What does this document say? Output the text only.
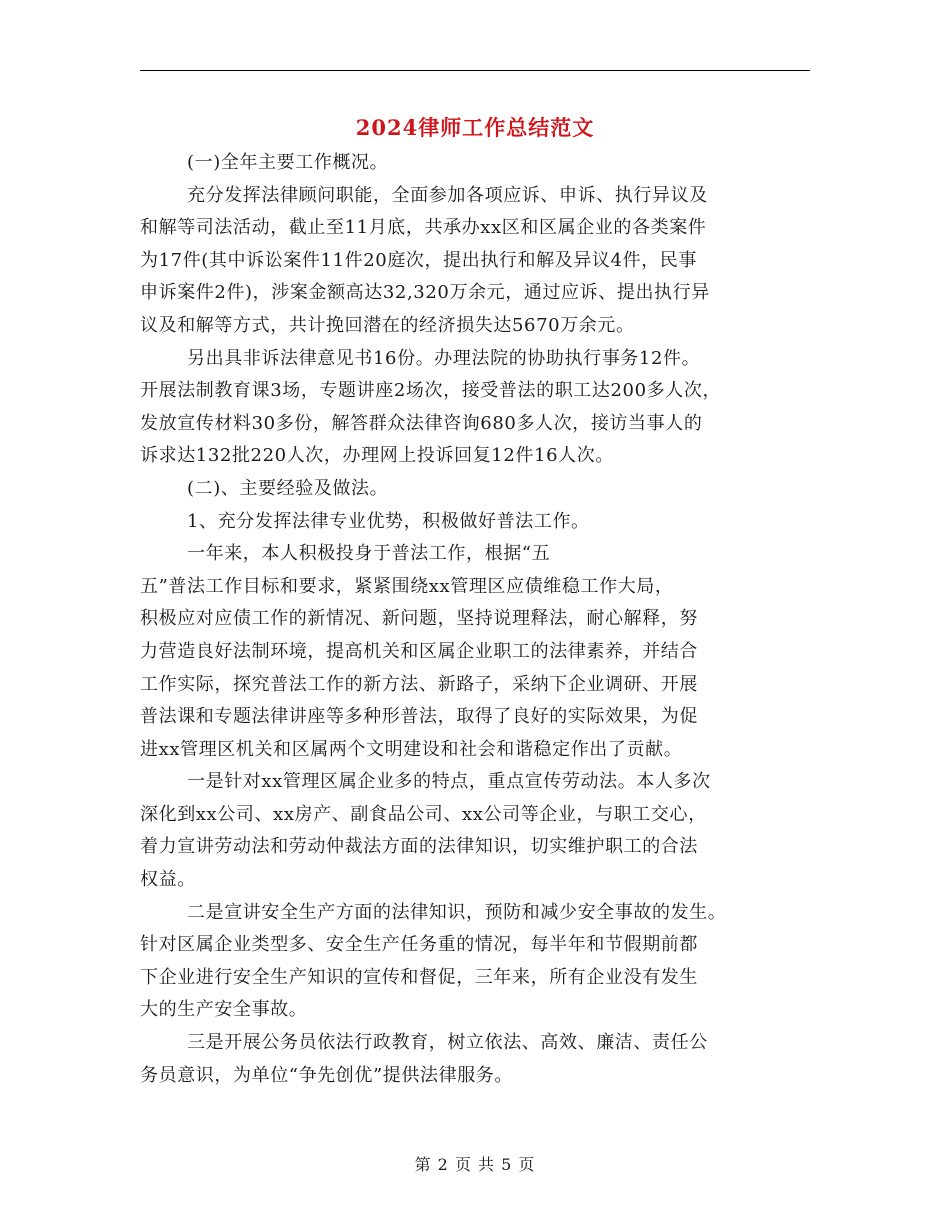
2024律师工作总结范文

(一)全年主要工作概况。

充分发挥法律顾问职能，全面参加各项应诉、申诉、执行异议及

和解等司法活动，截止至11月底，共承办xx区和区属企业的各类案件

为17件(其中诉讼案件11件20庭次，提出执行和解及异议4件，民事

申诉案件2件)，涉案金额高达32,320万余元，通过应诉、提出执行异

议及和解等方式，共计挽回潜在的经济损失达5670万余元。

另出具非诉法律意见书16份。办理法院的协助执行事务12件。

开展法制教育课3场，专题讲座2场次，接受普法的职工达200多人次，

发放宣传材料30多份，解答群众法律咨询680多人次，接访当事人的

诉求达132批220人次，办理网上投诉回复12件16人次。

(二)、主要经验及做法。

1、充分发挥法律专业优势，积极做好普法工作。

一年来，本人积极投身于普法工作，根据“五

五”普法工作目标和要求，紧紧围绕xx管理区应债维稳工作大局，

积极应对应债工作的新情况、新问题，坚持说理释法，耐心解释，努

力营造良好法制环境，提高机关和区属企业职工的法律素养，并结合

工作实际，探究普法工作的新方法、新路子，采纳下企业调研、开展

普法课和专题法律讲座等多种形普法，取得了良好的实际效果，为促

进xx管理区机关和区属两个文明建设和社会和谐稳定作出了贡献。

一是针对xx管理区属企业多的特点，重点宣传劳动法。本人多次

深化到xx公司、xx房产、副食品公司、xx公司等企业，与职工交心，

着力宣讲劳动法和劳动仲裁法方面的法律知识，切实维护职工的合法

权益。

二是宣讲安全生产方面的法律知识，预防和减少安全事故的发生。

针对区属企业类型多、安全生产任务重的情况，每半年和节假期前都

下企业进行安全生产知识的宣传和督促，三年来，所有企业没有发生

大的生产安全事故。

三是开展公务员依法行政教育，树立依法、高效、廉洁、责任公

务员意识，为单位“争先创优”提供法律服务。

第 2 页 共 5 页
